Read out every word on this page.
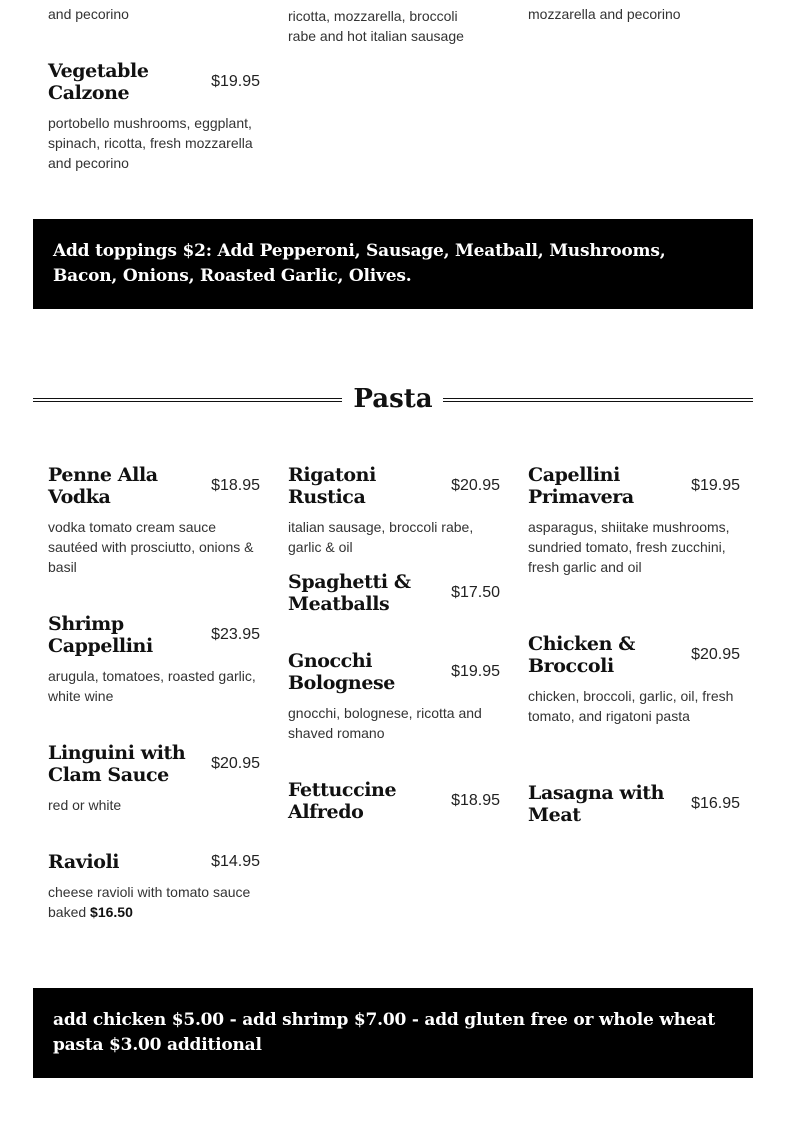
and pecorino	ricotta, mozzarella, broccoli rabe and hot italian sausage

mozzarella and pecorino

Vegetable Calzone
$19.95

portobello mushrooms, eggplant, spinach, ricotta, fresh mozzarella and pecorino

Add toppings $2: Add Pepperoni, Sausage, Meatball, Mushrooms, Bacon, Onions, Roasted Garlic, Olives.
Pasta
Penne Alla Vodka
$18.95

vodka tomato cream sauce sautéed with prosciutto, onions & basil

Shrimp Cappellini
$23.95

arugula, tomatoes, roasted garlic, white wine

Linguini with Clam Sauce
$20.95

red or white

Ravioli	$14.95

cheese ravioli with tomato sauce
baked $16.50

Rigatoni Rustica
$20.95

italian sausage, broccoli rabe, garlic & oil

Spaghetti & Meatballs
$17.50
Gnocchi Bolognese
$19.95

gnocchi, bolognese, ricotta and shaved romano

Fettuccine Alfredo
$18.95
Capellini Primavera
$19.95

asparagus, shiitake mushrooms, sundried tomato, fresh zucchini, fresh garlic and oil

Chicken & Broccoli
$20.95

chicken, broccoli, garlic, oil, fresh tomato, and rigatoni pasta

Lasagna with Meat
$16.95
add chicken $5.00 - add shrimp $7.00 - add gluten free or whole wheat pasta $3.00 additional
